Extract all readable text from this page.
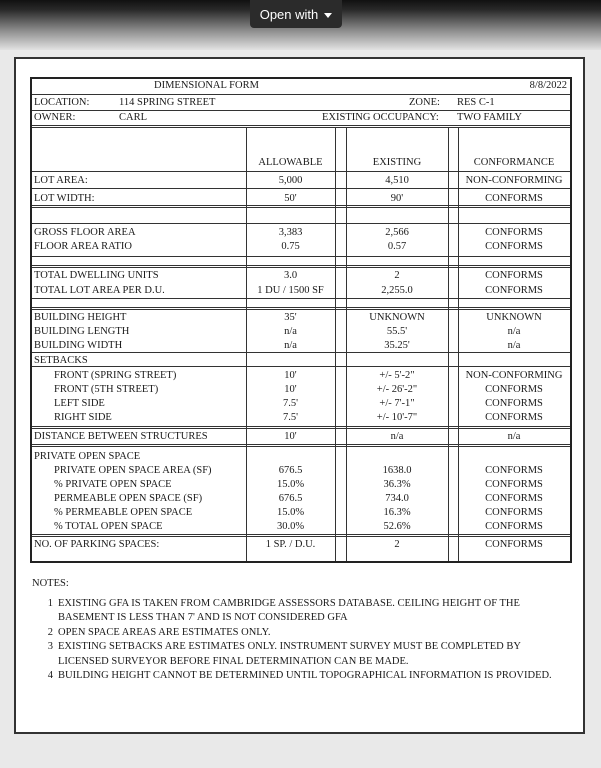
Open with
DIMENSIONAL FORM	8/8/2022
LOCATION:	114 SPRING STREET	ZONE: RES C-1
OWNER:	CARL	EXISTING OCCUPANCY: TWO FAMILY
ALLOWABLE	EXISTING	CONFORMANCE
LOT AREA:	5,000	4,510	NON-CONFORMING
LOT WIDTH:	50'	90'	CONFORMS
GROSS FLOOR AREA	3,383	2,566	CONFORMS
FLOOR AREA RATIO	0.75	0.57	CONFORMS
TOTAL DWELLING UNITS	3.0	2	CONFORMS
TOTAL LOT AREA PER D.U.	1 DU / 1500 SF	2,255.0	CONFORMS
BUILDING HEIGHT	35'	UNKNOWN	UNKNOWN
BUILDING LENGTH	n/a	55.5'	n/a
BUILDING WIDTH	n/a	35.25'	n/a
SETBACKS
FRONT (SPRING STREET)	10'	+/- 5'-2"	NON-CONFORMING
FRONT (5TH STREET)	10'	+/- 26'-2"	CONFORMS
LEFT SIDE	7.5'	+/- 7'-1"	CONFORMS
RIGHT SIDE	7.5'	+/- 10'-7"	CONFORMS
DISTANCE BETWEEN STRUCTURES	10'	n/a	n/a
PRIVATE OPEN SPACE
PRIVATE OPEN SPACE AREA (SF)	676.5	1638.0	CONFORMS
% PRIVATE OPEN SPACE	15.0%	36.3%	CONFORMS
PERMEABLE OPEN SPACE (SF)	676.5	734.0	CONFORMS
% PERMEABLE OPEN SPACE	15.0%	16.3%	CONFORMS
% TOTAL OPEN SPACE	30.0%	52.6%	CONFORMS
NO. OF PARKING SPACES:	1 SP. / D.U.	2	CONFORMS
NOTES:
1 EXISTING GFA IS TAKEN FROM CAMBRIDGE ASSESSORS DATABASE. CEILING HEIGHT OF THE
BASEMENT IS LESS THAN 7' AND IS NOT CONSIDERED GFA
2 OPEN SPACE AREAS ARE ESTIMATES ONLY.
3 EXISTING SETBACKS ARE ESTIMATES ONLY. INSTRUMENT SURVEY MUST BE COMPLETED BY
LICENSED SURVEYOR BEFORE FINAL DETERMINATION CAN BE MADE.
4 BUILDING HEIGHT CANNOT BE DETERMINED UNTIL TOPOGRAPHICAL INFORMATION IS PROVIDED.
